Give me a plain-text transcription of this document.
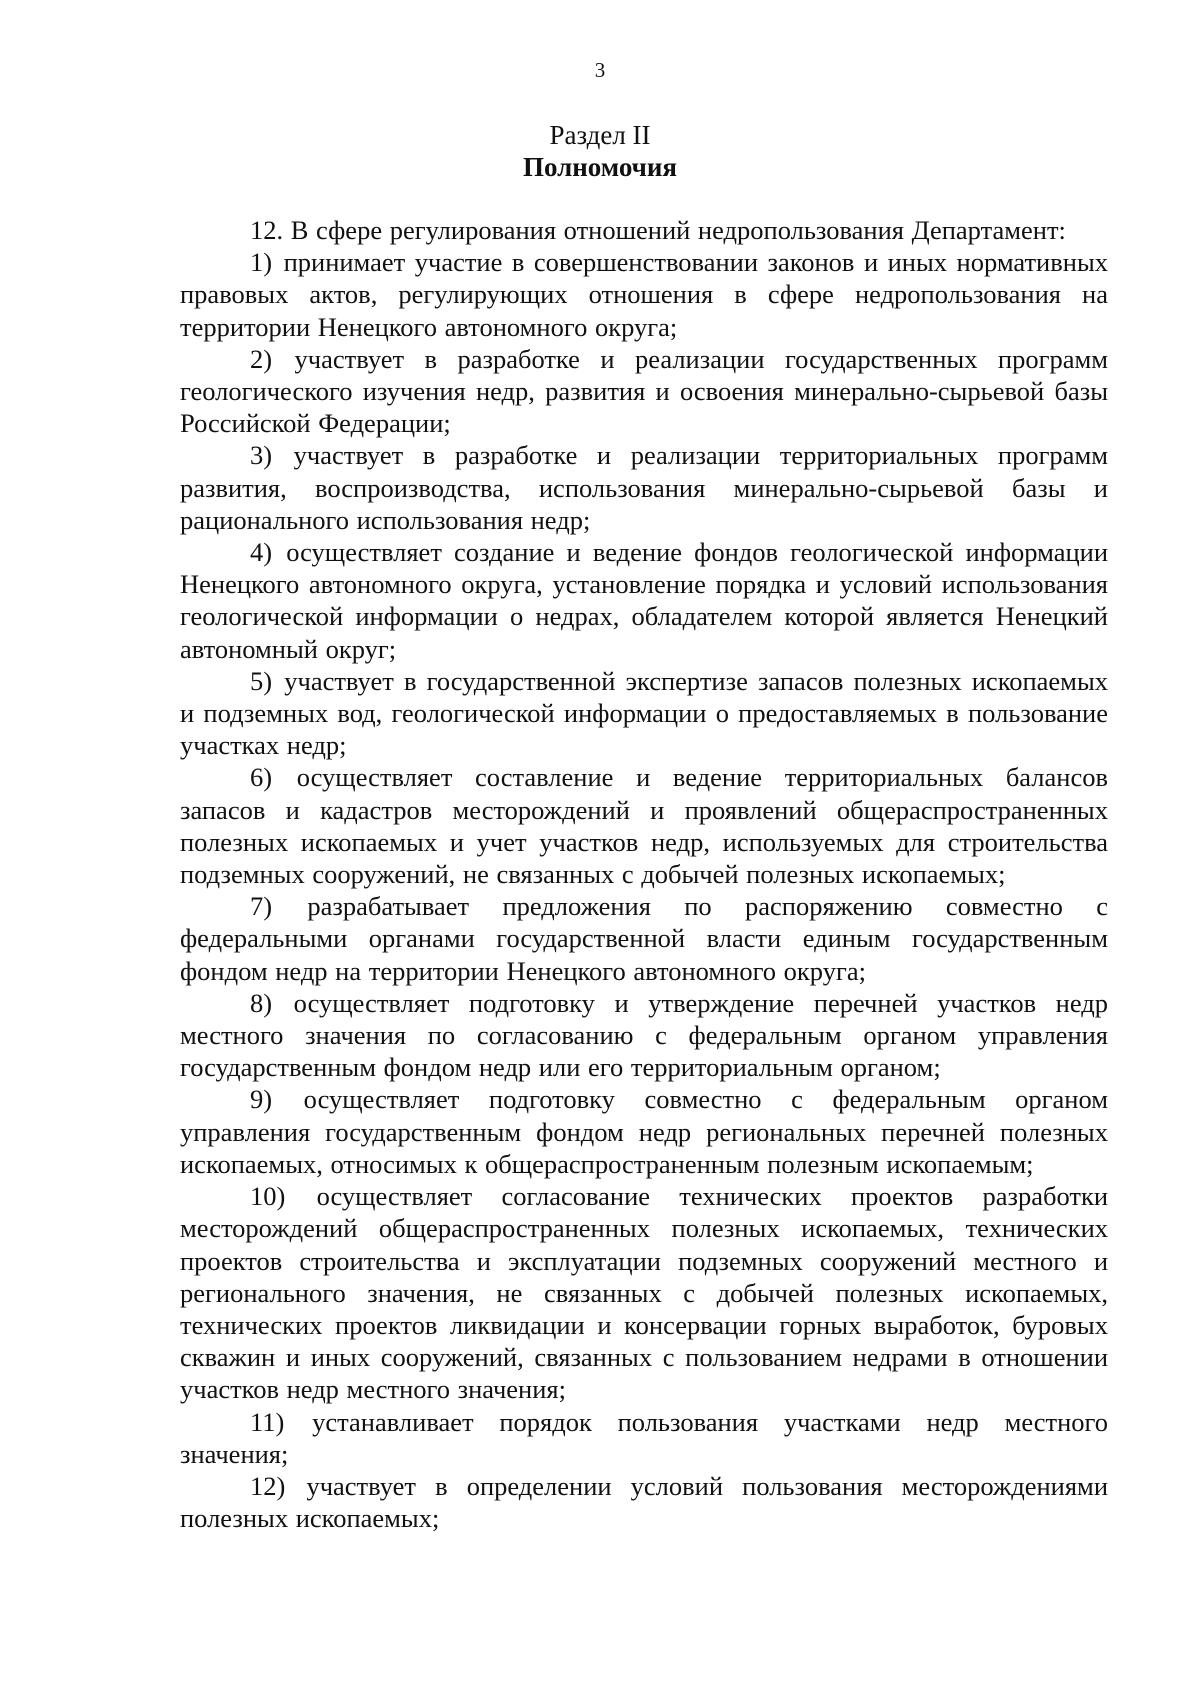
3
Раздел II
Полномочия

12. В сфере регулирования отношений недропользования Департамент:

1) принимает участие в совершенствовании законов и иных нормативных правовых актов, регулирующих отношения в сфере недропользования на территории Ненецкого автономного округа;

2) участвует в разработке и реализации государственных программ геологического изучения недр, развития и освоения минерально-сырьевой базы Российской Федерации;

3) участвует в разработке и реализации территориальных программ развития, воспроизводства, использования минерально-сырьевой базы и рационального использования недр;

4) осуществляет создание и ведение фондов геологической информации Ненецкого автономного округа, установление порядка и условий использования геологической информации о недрах, обладателем которой является Ненецкий автономный округ;

5) участвует в государственной экспертизе запасов полезных ископаемых и подземных вод, геологической информации о предоставляемых в пользование участках недр;

6) осуществляет составление и ведение территориальных балансов запасов и кадастров месторождений и проявлений общераспространенных полезных ископаемых и учет участков недр, используемых для строительства подземных сооружений, не связанных с добычей полезных ископаемых;

7) разрабатывает предложения по распоряжению совместно с федеральными органами государственной власти единым государственным фондом недр на территории Ненецкого автономного округа;

8) осуществляет подготовку и утверждение перечней участков недр местного значения по согласованию с федеральным органом управления государственным фондом недр или его территориальным органом;

9) осуществляет подготовку совместно с федеральным органом управления государственным фондом недр региональных перечней полезных ископаемых, относимых к общераспространенным полезным ископаемым;

10) осуществляет согласование технических проектов разработки месторождений общераспространенных полезных ископаемых, технических проектов строительства и эксплуатации подземных сооружений местного и регионального значения, не связанных с добычей полезных ископаемых, технических проектов ликвидации и консервации горных выработок, буровых скважин и иных сооружений, связанных с пользованием недрами в отношении участков недр местного значения;

11) устанавливает порядок пользования участками недр местного значения;

12) участвует в определении условий пользования месторождениями полезных ископаемых;
